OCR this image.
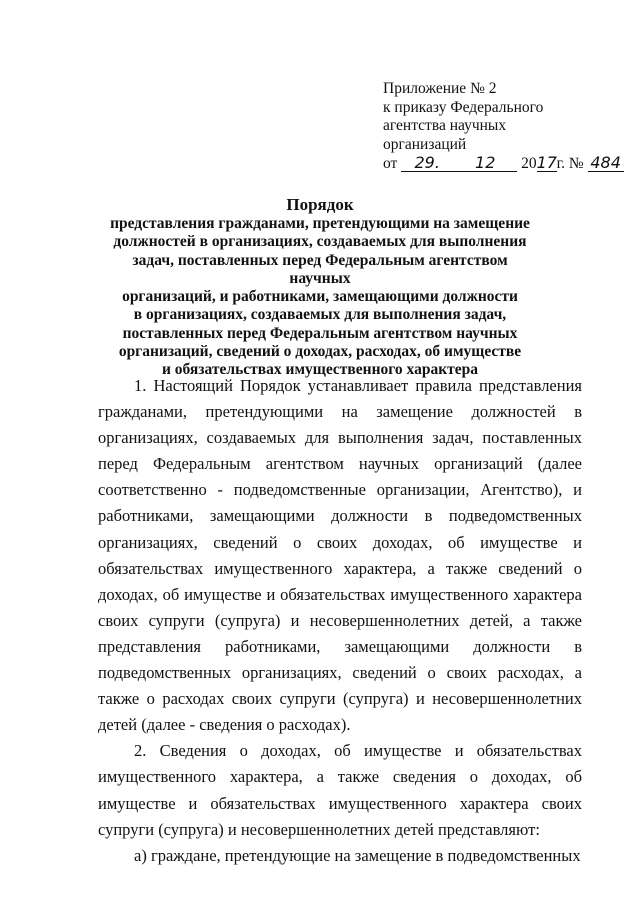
Приложение № 2
к приказу Федерального
агентства научных
организаций
от 29. 12 2017г. № 484
Порядок
представления гражданами, претендующими на замещение
должностей в организациях, создаваемых для выполнения
задач, поставленных перед Федеральным агентством научных
организаций, и работниками, замещающими должности
в организациях, создаваемых для выполнения задач,
поставленных перед Федеральным агентством научных
организаций, сведений о доходах, расходах, об имуществе
и обязательствах имущественного характера

1. Настоящий Порядок устанавливает правила представления гражданами, претендующими на замещение должностей в организациях, создаваемых для выполнения задач, поставленных перед Федеральным агентством научных организаций (далее соответственно - подведомственные организации, Агентство), и работниками, замещающими должности в подведомственных организациях, сведений о своих доходах, об имуществе и обязательствах имущественного характера, а также сведений о доходах, об имуществе и обязательствах имущественного характера своих супруги (супруга) и несовершеннолетних детей, а также представления работниками, замещающими должности в подведомственных организациях, сведений о своих расходах, а также о расходах своих супруги (супруга) и несовершеннолетних детей (далее - сведения о расходах).

2. Сведения о доходах, об имуществе и обязательствах имущественного характера, а также сведения о доходах, об имуществе и обязательствах имущественного характера своих супруги (супруга) и несовершеннолетних детей представляют:

а) граждане, претендующие на замещение в подведомственных
